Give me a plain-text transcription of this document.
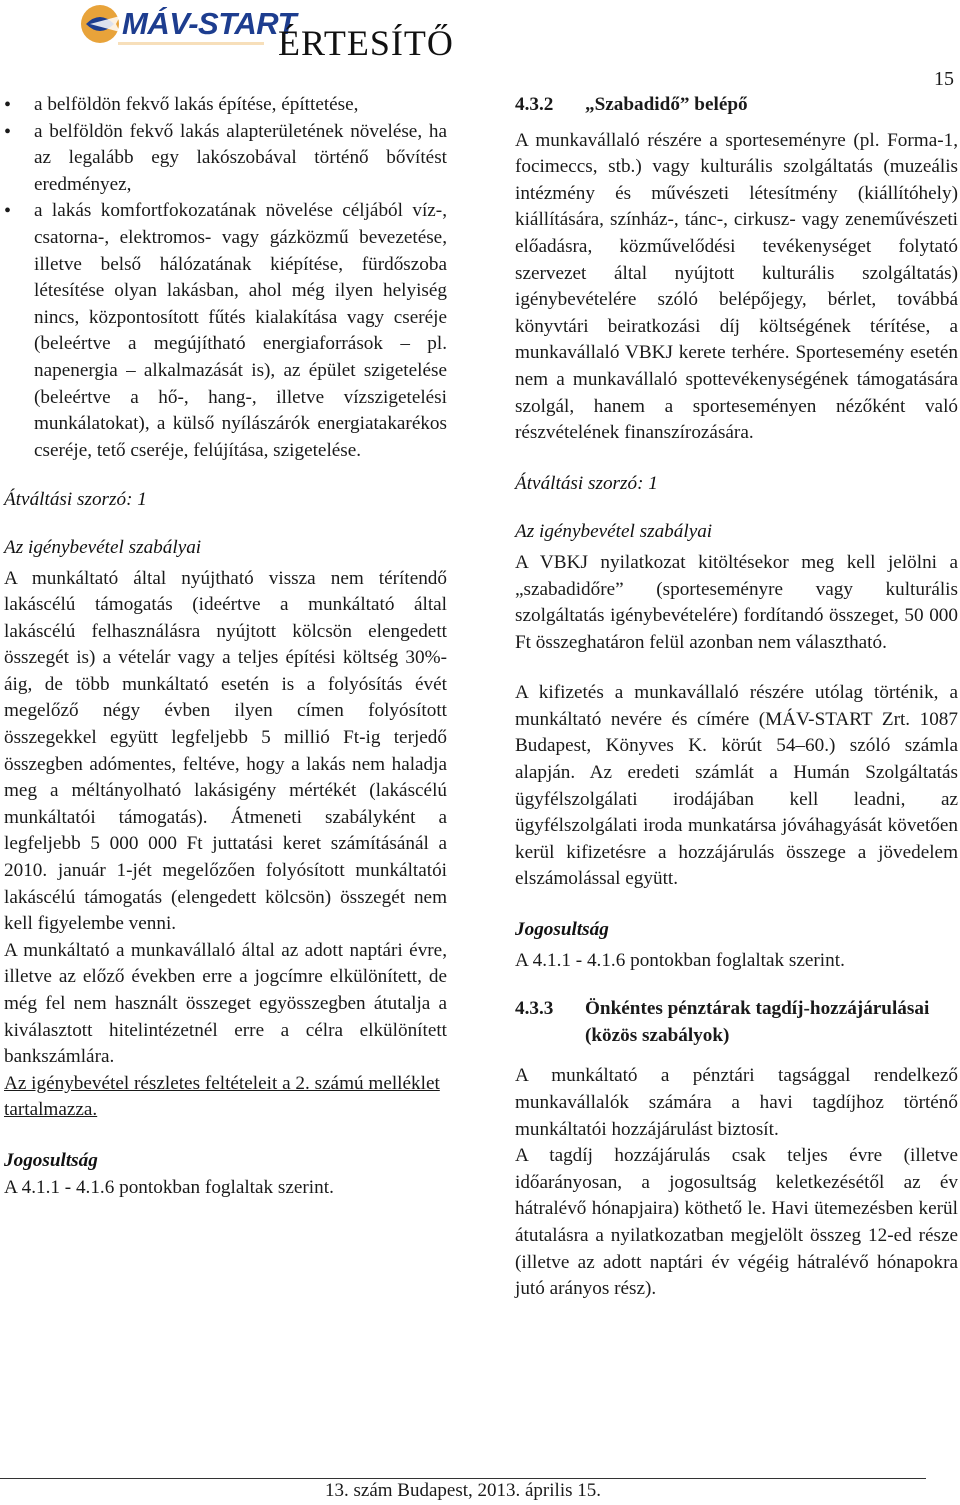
MÁV-START
ÉRTESÍTŐ
15
• a belföldön fekvő lakás építése, építtetése,
• a belföldön fekvő lakás alapterületének növelése, ha az legalább egy lakószobával történő bővítést eredményez,
• a lakás komfortfokozatának növelése céljából víz-, csatorna-, elektromos- vagy gázközmű bevezetése, illetve belső hálózatának kiépítése, fürdőszoba létesítése olyan lakásban, ahol még ilyen helyiség nincs, központosított fűtés kialakítása vagy cseréje (beleértve a megújítható energiaforrások – pl. napenergia – alkalmazását is), az épület szigetelése (beleértve a hő-, hang-, illetve vízszigetelési munkálatokat), a külső nyílászárók energiatakarékos cseréje, tető cseréje, felújítása, szigetelése.

Átváltási szorzó: 1

Az igénybevétel szabályai

A munkáltató által nyújtható vissza nem térítendő lakáscélú támogatás (ideértve a munkáltató által lakáscélú felhasználásra nyújtott kölcsön elengedett összegét is) a vételár vagy a teljes építési költség 30%-áig, de több munkáltató esetén is a folyósítás évét megelőző négy évben ilyen címen folyósított összegekkel együtt legfeljebb 5 millió Ft-ig terjedő összegben adómentes, feltéve, hogy a lakás nem haladja meg a méltányolható lakásigény mértékét (lakáscélú munkáltatói támogatás). Átmeneti szabályként a legfeljebb 5 000 000 Ft juttatási keret számításánál a 2010. január 1-jét megelőzően folyósított munkáltatói lakáscélú támogatás (elengedett kölcsön) összegét nem kell figyelembe venni.

A munkáltató a munkavállaló által az adott naptári évre, illetve az előző években erre a jogcímre elkülönített, de még fel nem használt összeget egyösszegben átutalja a kiválasztott hitelintézetnél erre a célra elkülönített bankszámlára.

Az igénybevétel részletes feltételeit a 2. számú melléklet tartalmazza.

Jogosultság

A 4.1.1 - 4.1.6 pontokban foglaltak szerint.

4.3.2 „Szabadidő” belépő

A munkavállaló részére a sporteseményre (pl. Forma-1, focimeccs, stb.) vagy kulturális szolgáltatás (muzeális intézmény és művészeti létesítmény (kiállítóhely) kiállítására, színház-, tánc-, cirkusz- vagy zeneművészeti előadásra, közművelődési tevékenységet folytató szervezet által nyújtott kulturális szolgáltatás) igénybevételére szóló belépőjegy, bérlet, továbbá könyvtári beiratkozási díj költségének térítése, a munkavállaló VBKJ kerete terhére. Sportesemény esetén nem a munkavállaló spottevékenységének támogatására szolgál, hanem a sporteseményen nézőként való részvételének finanszírozására.

Átváltási szorzó: 1

Az igénybevétel szabályai

A VBKJ nyilatkozat kitöltésekor meg kell jelölni a „szabadidőre” (sporteseményre vagy kulturális szolgáltatás igénybevételére) fordítandó összeget, 50 000 Ft összeghatáron felül azonban nem választható.

A kifizetés a munkavállaló részére utólag történik, a munkáltató nevére és címére (MÁV-START Zrt. 1087 Budapest, Könyves K. körút 54–60.) szóló számla alapján. Az eredeti számlát a Humán Szolgáltatás ügyfélszolgálati irodájában kell leadni, az ügyfélszolgálati iroda munkatársa jóváhagyását követően kerül kifizetésre a hozzájárulás összege a jövedelem elszámolással együtt.

Jogosultság

A 4.1.1 - 4.1.6 pontokban foglaltak szerint.

4.3.3	Önkéntes pénztárak tagdíj-hozzájárulásai (közös szabályok)

A munkáltató a pénztári tagsággal rendelkező munkavállalók számára a havi tagdíjhoz történő munkáltatói hozzájárulást biztosít.

A tagdíj hozzájárulás csak teljes évre (illetve időarányosan, a jogosultság keletkezésétől az év hátralévő hónapjaira) köthető le. Havi ütemezésben kerül átutalásra a nyilatkozatban megjelölt összeg 12-ed része (illetve az adott naptári év végéig hátralévő hónapokra jutó arányos rész).

13. szám Budapest, 2013. április 15.
